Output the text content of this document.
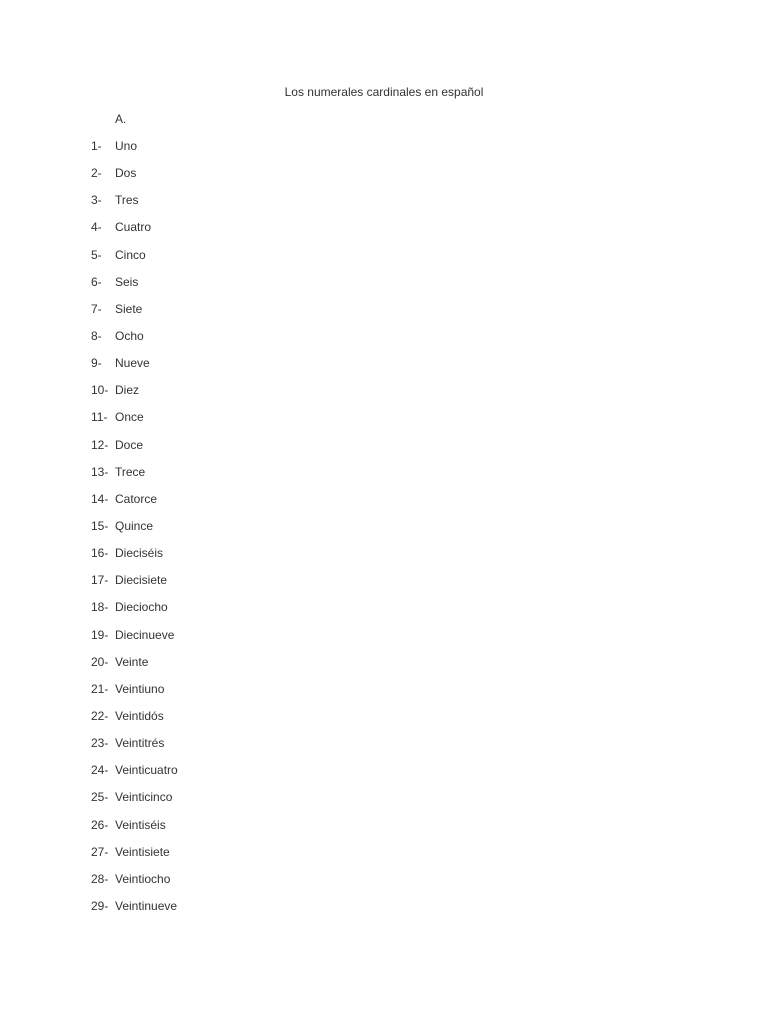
Los numerales cardinales en español
A.
1- Uno
2- Dos
3- Tres
4- Cuatro
5- Cinco
6- Seis
7- Siete
8- Ocho
9- Nueve
10- Diez
11- Once
12- Doce
13- Trece
14- Catorce
15- Quince
16- Dieciséis
17- Diecisiete
18- Dieciocho
19- Diecinueve
20- Veinte
21- Veintiuno
22- Veintidós
23- Veintitrés
24- Veinticuatro
25- Veinticinco
26- Veintiséis
27- Veintisiete
28- Veintiocho
29- Veintinueve
